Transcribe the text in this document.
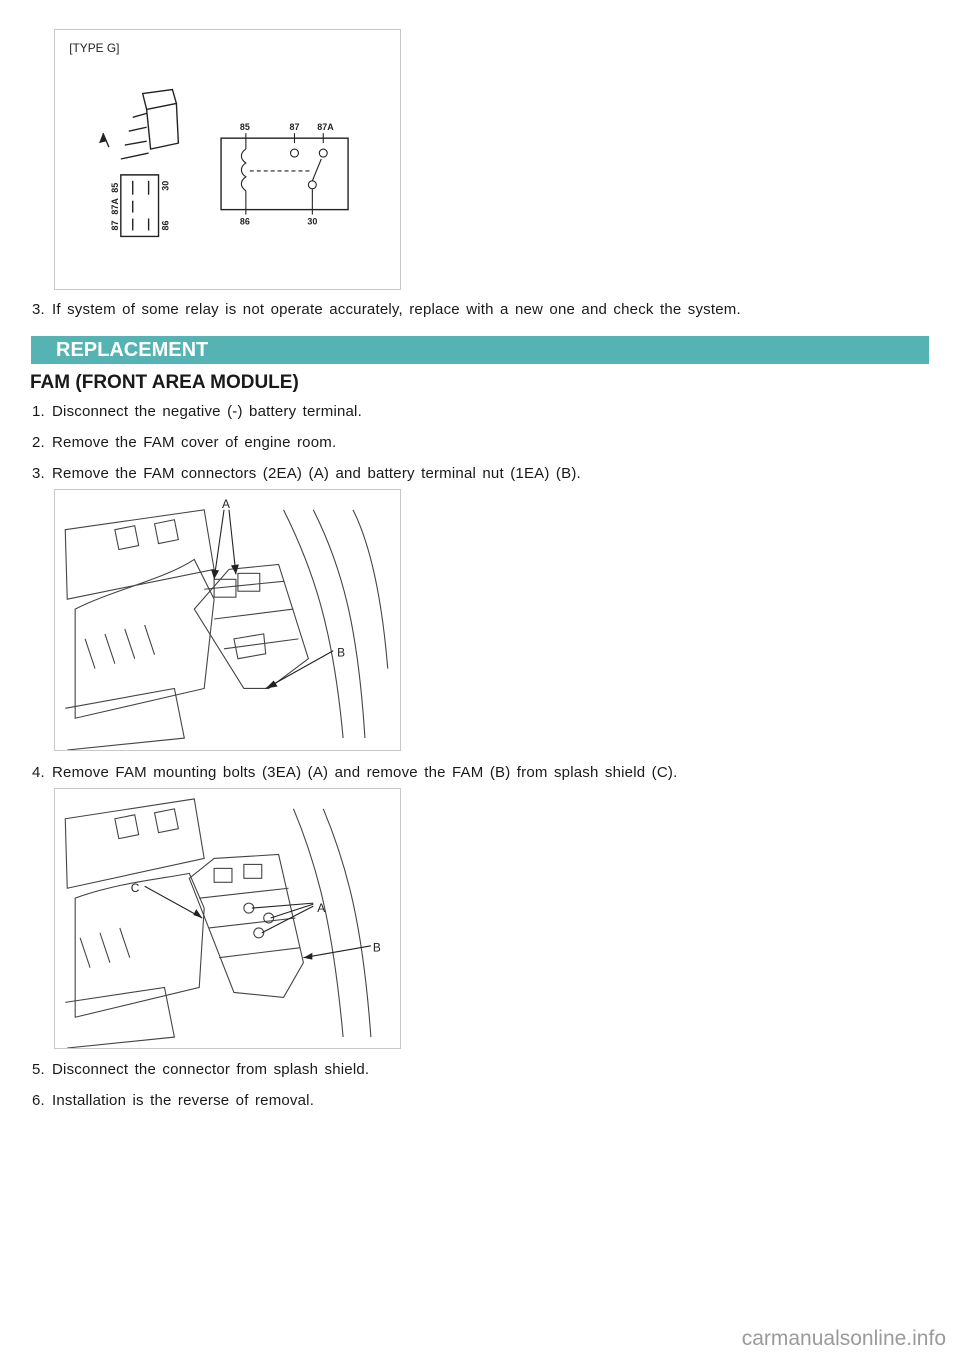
[TYPE G]
87
87A
85	30
86
85	87 87A
86	30
3. If system of some relay is not operate accurately, replace with a new one and check the system.
REPLACEMENT
FAM (FRONT AREA MODULE)
1. Disconnect the negative (-) battery terminal.
2. Remove the FAM cover of engine room.
3. Remove the FAM connectors (2EA) (A) and battery terminal nut (1EA) (B).
A
B
4. Remove FAM mounting bolts (3EA) (A) and remove the FAM (B) from splash shield (C).
C
A
B
5. Disconnect the connector from splash shield.
6. Installation is the reverse of removal.
carmanualsonline.info
